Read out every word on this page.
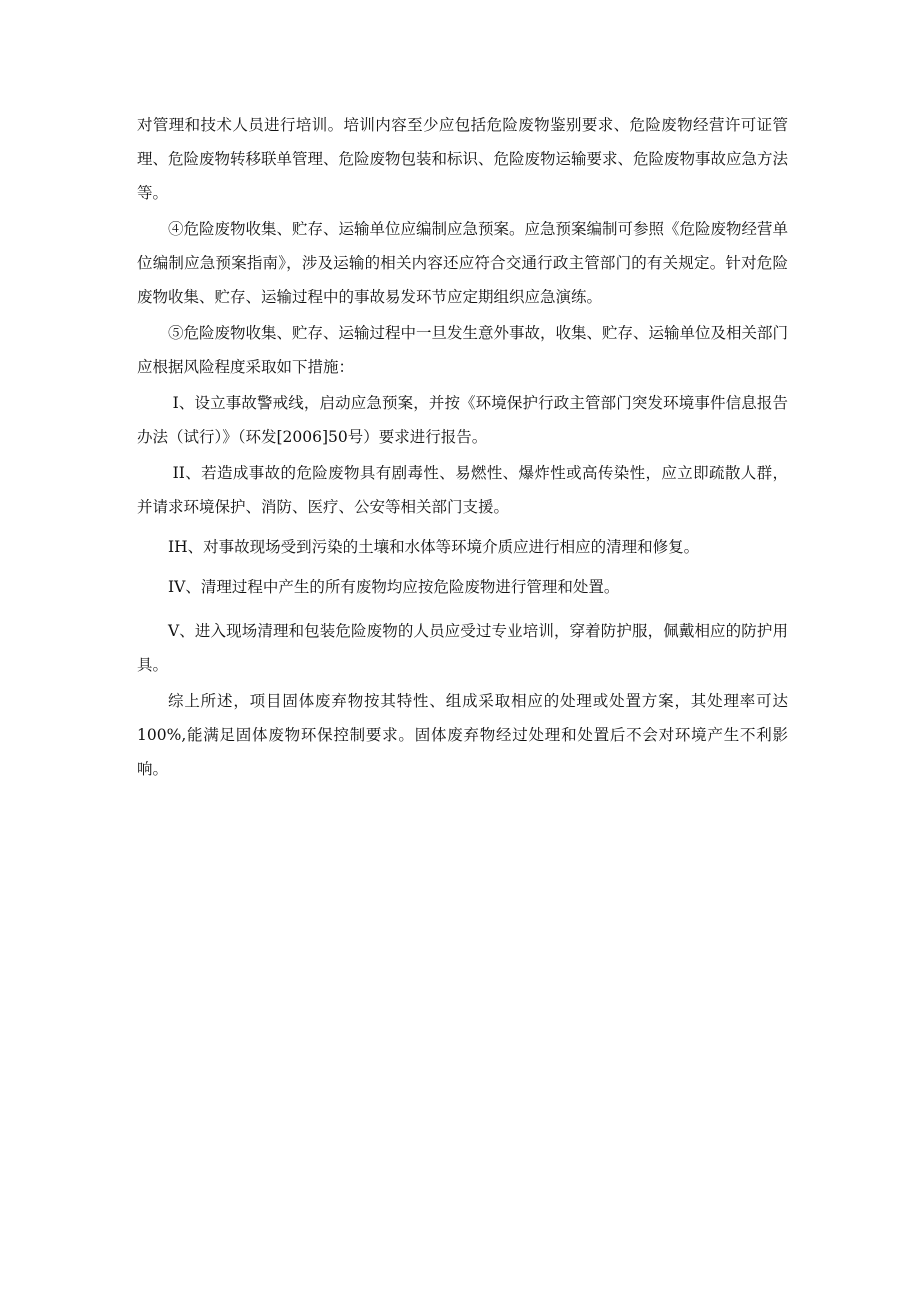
对管理和技术人员进行培训。培训内容至少应包括危险废物鉴别要求、危险废物经营许可证管理、危险废物转移联单管理、危险废物包装和标识、危险废物运输要求、危险废物事故应急方法等。

④危险废物收集、贮存、运输单位应编制应急预案。应急预案编制可参照《危险废物经营单位编制应急预案指南》，涉及运输的相关内容还应符合交通行政主管部门的有关规定。针对危险废物收集、贮存、运输过程中的事故易发环节应定期组织应急演练。

⑤危险废物收集、贮存、运输过程中一旦发生意外事故，收集、贮存、运输单位及相关部门应根据风险程度采取如下措施：

I、设立事故警戒线，启动应急预案，并按《环境保护行政主管部门突发环境事件信息报告办法（试行）》（环发[2006]50号）要求进行报告。

II、若造成事故的危险废物具有剧毒性、易燃性、爆炸性或高传染性，应立即疏散人群，并请求环境保护、消防、医疗、公安等相关部门支援。

IH、对事故现场受到污染的土壤和水体等环境介质应进行相应的清理和修复。

IV、清理过程中产生的所有废物均应按危险废物进行管理和处置。

V、进入现场清理和包装危险废物的人员应受过专业培训，穿着防护服，佩戴相应的防护用具。

综上所述，项目固体废弃物按其特性、组成采取相应的处理或处置方案，其处理率可达100%,能满足固体废物环保控制要求。固体废弃物经过处理和处置后不会对环境产生不利影响。
